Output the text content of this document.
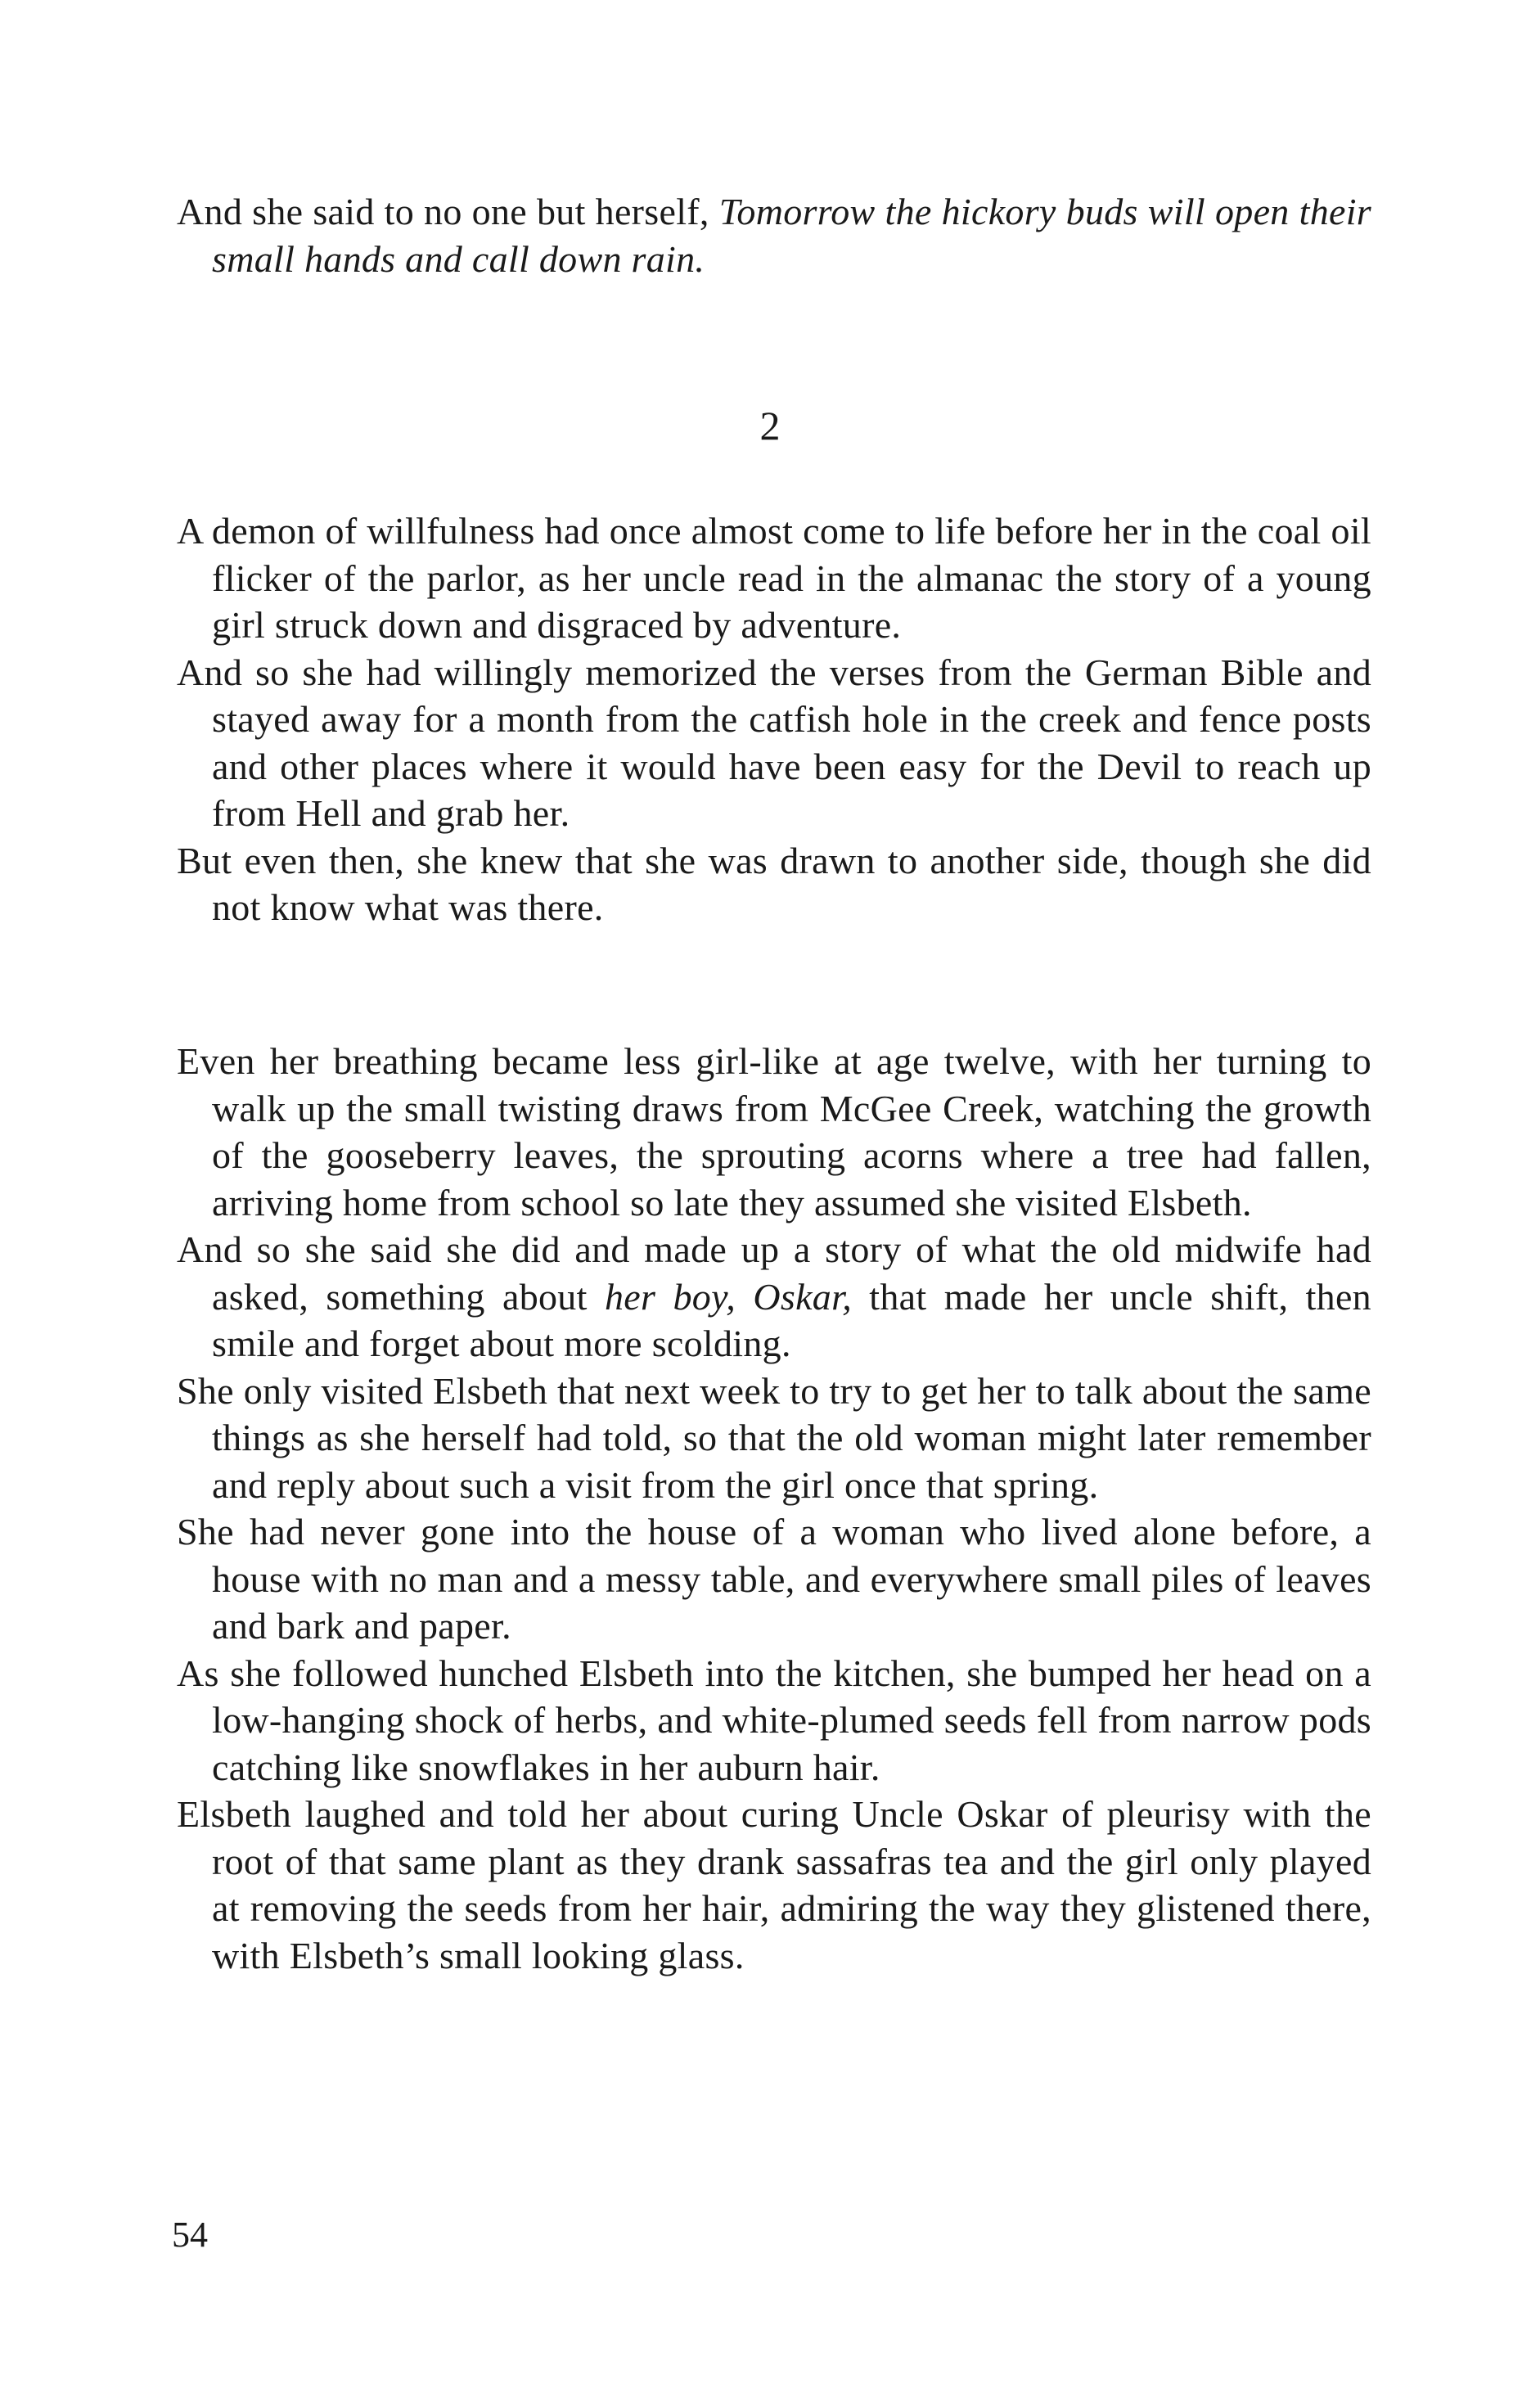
And she said to no one but herself, Tomorrow the hickory buds will open their small hands and call down rain.

2

A demon of willfulness had once almost come to life before her in the coal oil flicker of the parlor, as her uncle read in the almanac the story of a young girl struck down and disgraced by adventure.

And so she had willingly memorized the verses from the German Bible and stayed away for a month from the catfish hole in the creek and fence posts and other places where it would have been easy for the Devil to reach up from Hell and grab her.

But even then, she knew that she was drawn to another side, though she did not know what was there.

Even her breathing became less girl-like at age twelve, with her turning to walk up the small twisting draws from McGee Creek, watching the growth of the gooseberry leaves, the sprouting acorns where a tree had fallen, arriving home from school so late they assumed she visited Elsbeth.

And so she said she did and made up a story of what the old midwife had asked, something about her boy, Oskar, that made her uncle shift, then smile and forget about more scolding.

She only visited Elsbeth that next week to try to get her to talk about the same things as she herself had told, so that the old woman might later remember and reply about such a visit from the girl once that spring.

She had never gone into the house of a woman who lived alone before, a house with no man and a messy table, and everywhere small piles of leaves and bark and paper.

As she followed hunched Elsbeth into the kitchen, she bumped her head on a low-hanging shock of herbs, and white-plumed seeds fell from narrow pods catching like snowflakes in her auburn hair.

Elsbeth laughed and told her about curing Uncle Oskar of pleurisy with the root of that same plant as they drank sassafras tea and the girl only played at removing the seeds from her hair, admiring the way they glistened there, with Elsbeth’s small looking glass.

54
